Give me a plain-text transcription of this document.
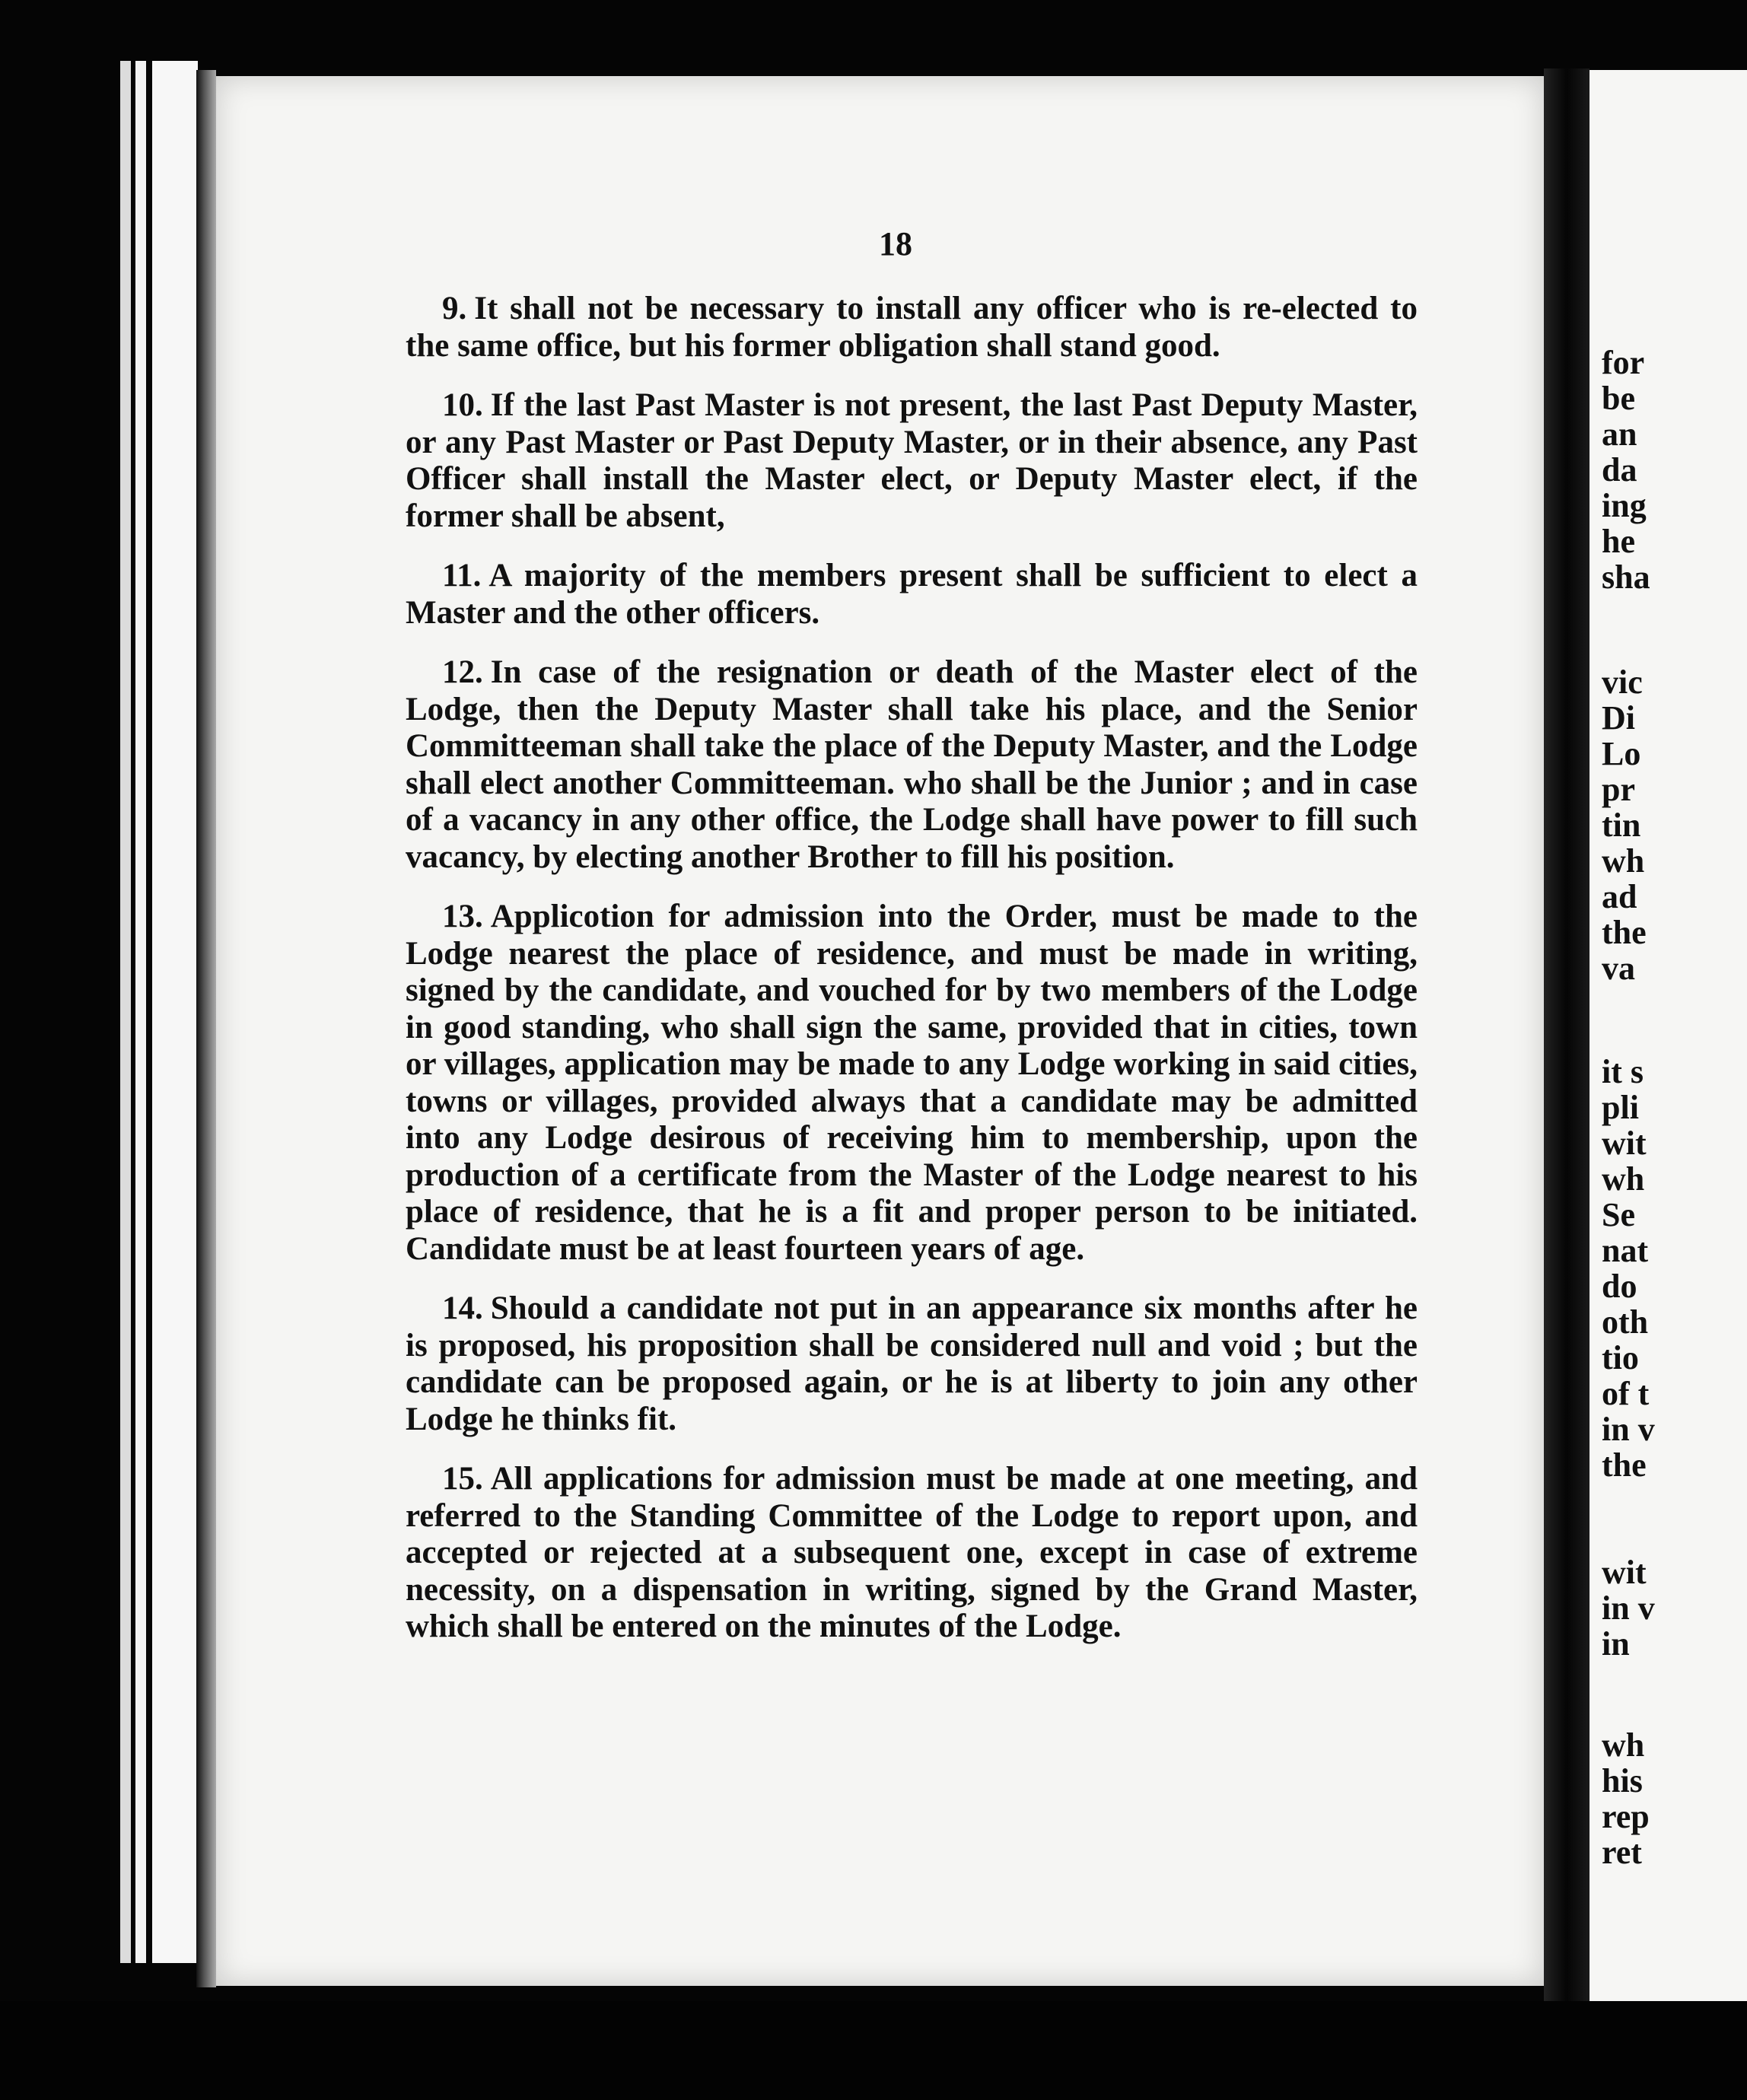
18

9. It shall not be necessary to install any officer who is re-elected to the same office, but his former obligation shall stand good.

10. If the last Past Master is not present, the last Past Deputy Master, or any Past Master or Past Deputy Master, or in their absence, any Past Officer shall install the Master elect, or Deputy Master elect, if the former shall be absent,

11. A majority of the members present shall be sufficient to elect a Master and the other officers.

12. In case of the resignation or death of the Master elect of the Lodge, then the Deputy Master shall take his place, and the Senior Committeeman shall take the place of the Deputy Master, and the Lodge shall elect another Committeeman. who shall be the Junior ; and in case of a vacancy in any other office, the Lodge shall have power to fill such vacancy, by electing another Brother to fill his position.

13. Applicotion for admission into the Order, must be made to the Lodge nearest the place of residence, and must be made in writing, signed by the candidate, and vouched for by two members of the Lodge in good standing, who shall sign the same, provided that in cities, town or villages, application may be made to any Lodge working in said cities, towns or villages, provided always that a candidate may be admitted into any Lodge desirous of receiving him to membership, upon the production of a certificate from the Master of the Lodge nearest to his place of residence, that he is a fit and proper person to be initiated. Candidate must be at least fourteen years of age.

14. Should a candidate not put in an appearance six months after he is proposed, his proposition shall be considered null and void ; but the candidate can be proposed again, or he is at liberty to join any other Lodge he thinks fit.

15. All applications for admission must be made at one meeting, and referred to the Standing Committee of the Lodge to report upon, and accepted or rejected at a subsequent one, except in case of extreme necessity, on a dispensation in writing, signed by the Grand Master, which shall be entered on the minutes of the Lodge.

for
be
an
da
ing
he
sha
vic
Di
Lo
pr
tin
wh
ad
the
va
it s
pli
wit
wh
Se
nat
do
oth
tio
of t
in v
the
wit
in v
in
wh
his
rep
ret
